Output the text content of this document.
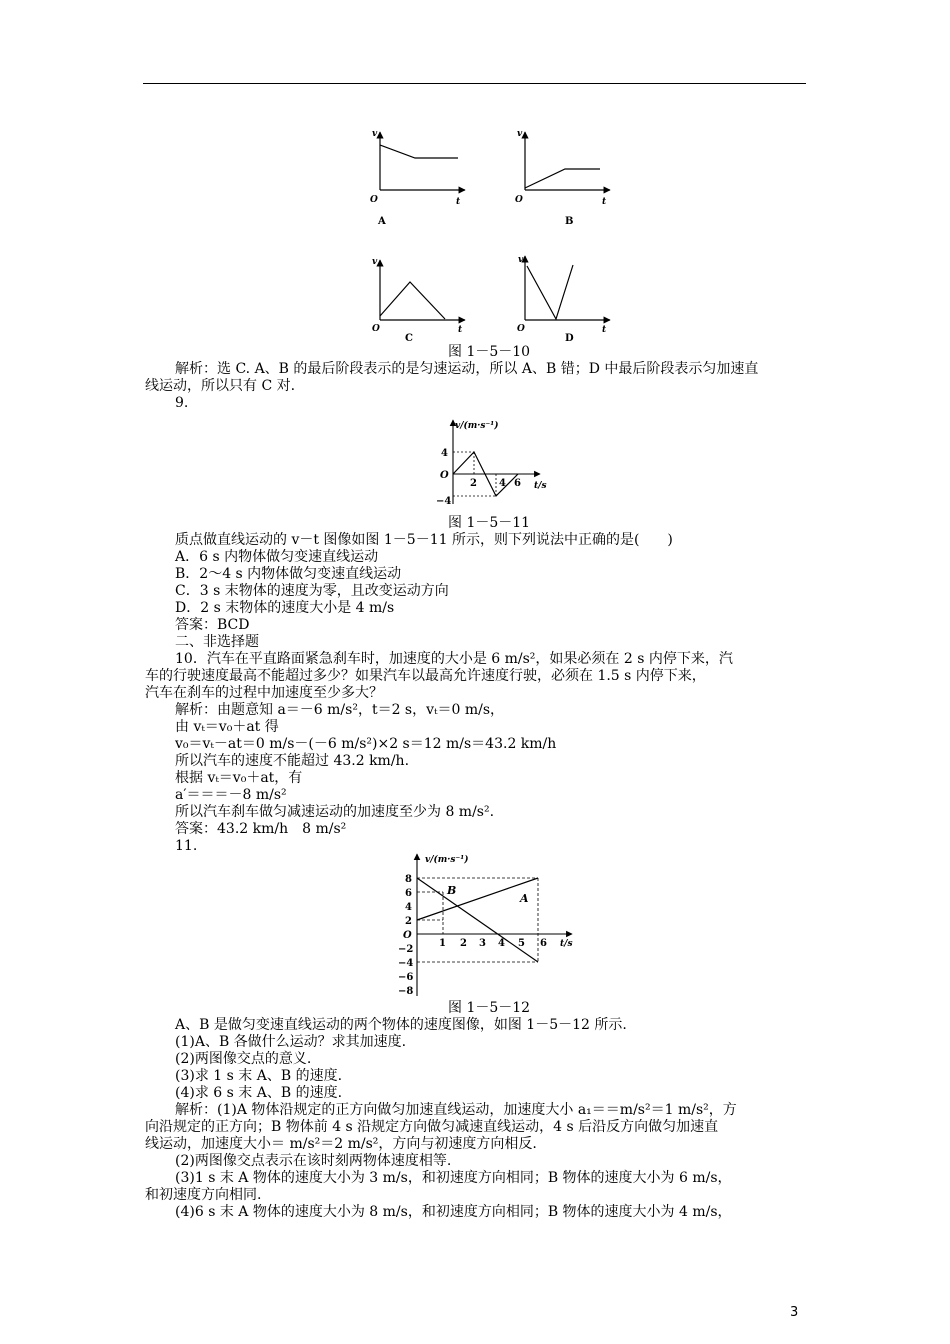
v
O	t
A
v
O	t
B
v
O	t
C
v
O	t
D
图 1－5－10
解析：选 C. A、B 的最后阶段表示的是匀速运动，所以 A、B 错；D 中最后阶段表示匀加速直
线运动，所以只有 C 对.
9.
v/(m·s⁻¹)
4
O
−4
2 4 6 t/s
图 1－5－11
质点做直线运动的 v－t 图像如图 1－5－11 所示，则下列说法中正确的是(　　)
A．6 s 内物体做匀变速直线运动
B．2～4 s 内物体做匀变速直线运动
C．3 s 末物体的速度为零，且改变运动方向
D．2 s 末物体的速度大小是 4 m/s
答案：BCD
二、非选择题
10．汽车在平直路面紧急刹车时，加速度的大小是 6 m/s²，如果必须在 2 s 内停下来，汽
车的行驶速度最高不能超过多少？如果汽车以最高允许速度行驶，必须在 1.5 s 内停下来，
汽车在刹车的过程中加速度至少多大？
解析：由题意知 a＝－6 m/s²，t＝2 s，vₜ＝0 m/s，
由 vₜ＝v₀＋at 得
v₀＝vₜ－at＝0 m/s－(－6 m/s²)×2 s＝12 m/s＝43.2 km/h
所以汽车的速度不能超过 43.2 km/h.
根据 vₜ＝v₀＋at，有
a′＝＝＝－8 m/s²
所以汽车刹车做匀减速运动的加速度至少为 8 m/s².
答案：43.2 km/h　8 m/s²
11.
v/(m·s⁻¹)
8
6
4
2
O
−2
−4
−6
−8
1 2 3 4 5 6 t/s
B
A
图 1－5－12
A、B 是做匀变速直线运动的两个物体的速度图像，如图 1－5－12 所示.
(1)A、B 各做什么运动？求其加速度.
(2)两图像交点的意义.
(3)求 1 s 末 A、B 的速度.
(4)求 6 s 末 A、B 的速度.
解析：(1)A 物体沿规定的正方向做匀加速直线运动，加速度大小 a₁＝＝m/s²＝1 m/s²，方
向沿规定的正方向；B 物体前 4 s 沿规定方向做匀减速直线运动，4 s 后沿反方向做匀加速直
线运动，加速度大小＝ m/s²＝2 m/s²，方向与初速度方向相反.
(2)两图像交点表示在该时刻两物体速度相等.
(3)1 s 末 A 物体的速度大小为 3 m/s，和初速度方向相同；B 物体的速度大小为 6 m/s，
和初速度方向相同.
(4)6 s 末 A 物体的速度大小为 8 m/s，和初速度方向相同；B 物体的速度大小为 4 m/s，
3
